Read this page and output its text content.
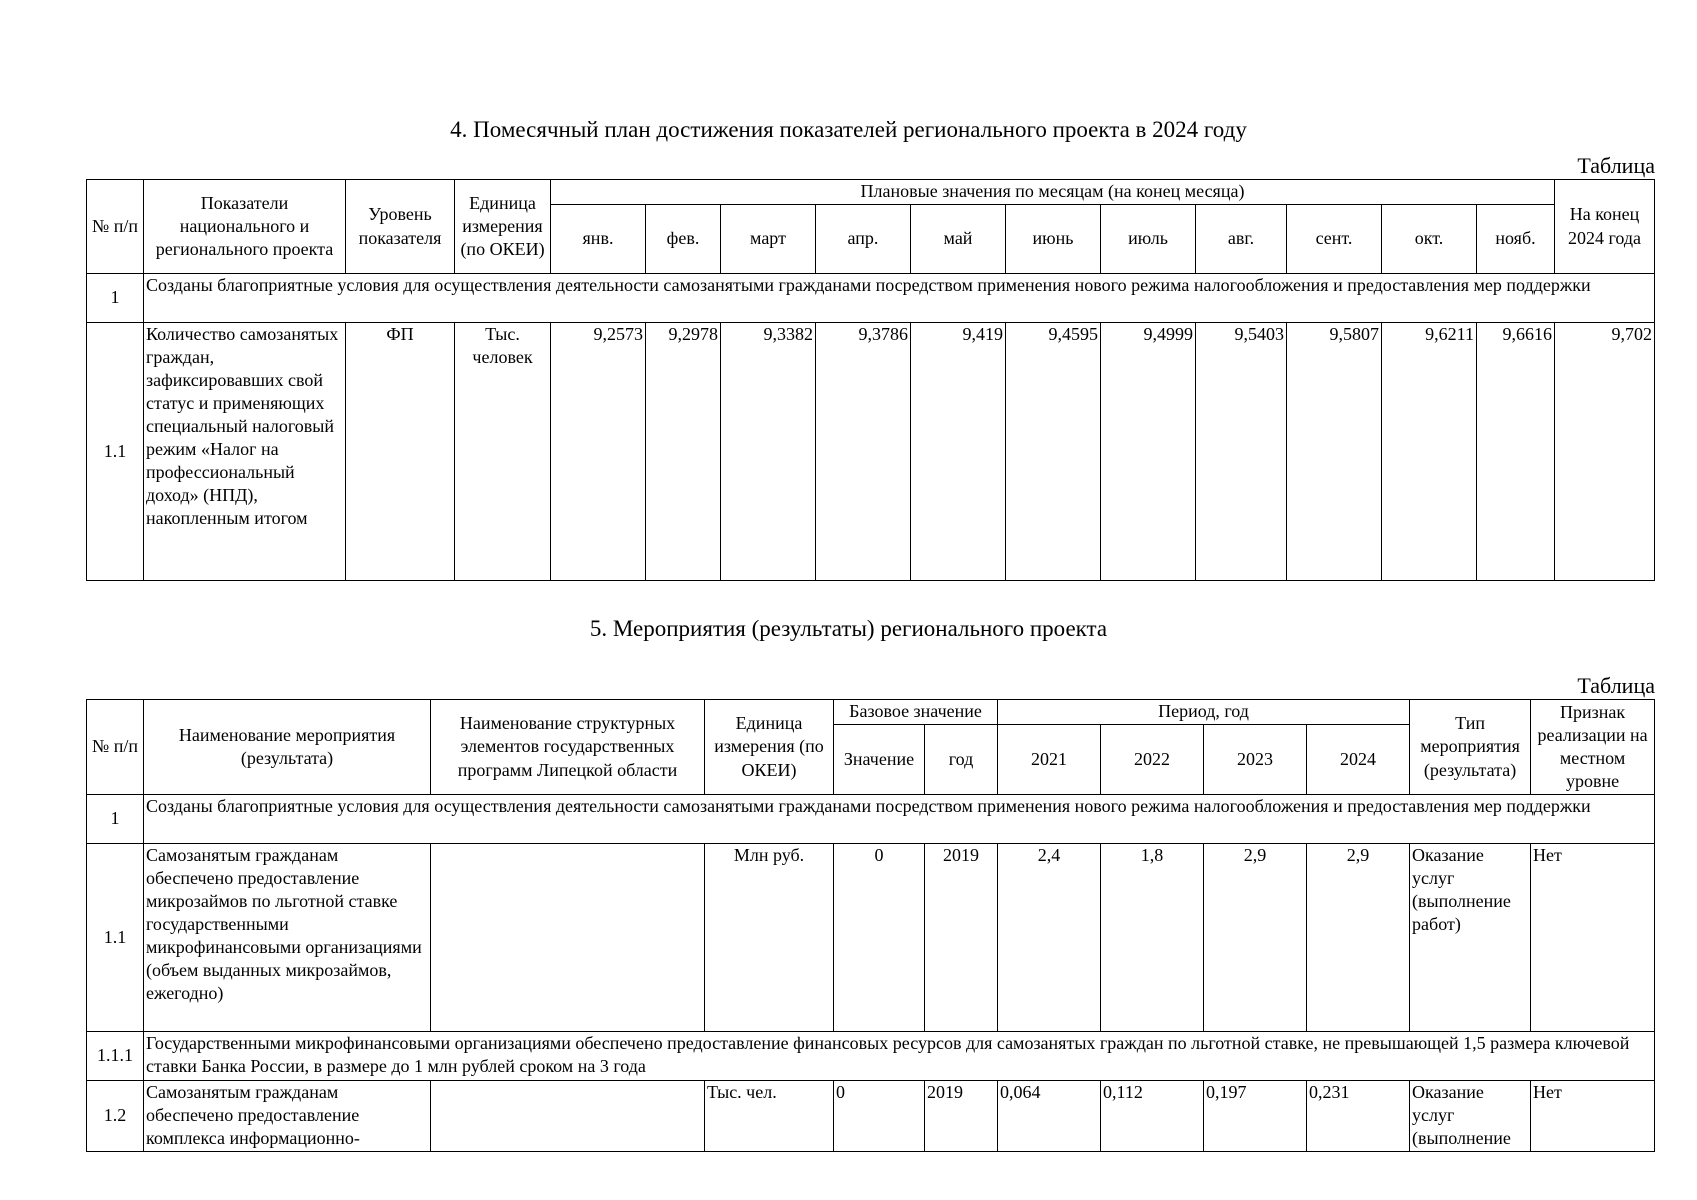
4. Помесячный план достижения показателей регионального проекта в 2024 году
Таблица
№ п/п	Показатели национального и регионального проекта	Уровень показателя	Единица измерения (по ОКЕИ)	Плановые значения по месяцам (на конец месяца)											На конец 2024 года
				янв.	фев.	март	апр.	май	июнь	июль	авг.	сент.	окт.	нояб.	
1	Созданы благоприятные условия для осуществления деятельности самозанятыми гражданами посредством применения нового режима налогообложения и предоставления мер поддержки														
1.1	Количество самозанятых граждан, зафиксировавших свой статус и применяющих специальный налоговый режим «Налог на профессиональный доход» (НПД), накопленным итогом	ФП	Тыс. человек	9,2573	9,2978	9,3382	9,3786	9,419	9,4595	9,4999	9,5403	9,5807	9,6211	9,6616	9,702
5. Мероприятия (результаты) регионального проекта
Таблица
№ п/п	Наименование мероприятия (результата)	Наименование структурных элементов государственных программ Липецкой области	Единица измерения (по ОКЕИ)	Базовое значение		Период, год				Тип мероприятия (результата)	Признак реализации на местном уровне
				Значение	год	2021	2022	2023	2024		
1	Созданы благоприятные условия для осуществления деятельности самозанятыми гражданами посредством применения нового режима налогообложения и предоставления мер поддержки										
1.1	Самозанятым гражданам обеспечено предоставление микрозаймов по льготной ставке государственными микрофинансовыми организациями (объем выданных микрозаймов, ежегодно)		Млн руб.	0	2019	2,4	1,8	2,9	2,9	Оказание услуг (выполнение работ)	Нет
1.1.1	Государственными микрофинансовыми организациями обеспечено предоставление финансовых ресурсов для самозанятых граждан по льготной ставке, не превышающей 1,5 размера ключевой ставки Банка России, в размере до 1 млн рублей сроком на 3 года										
1.2	Самозанятым гражданам обеспечено предоставление комплекса информационно-		Тыс. чел.	0	2019	0,064	0,112	0,197	0,231	Оказание услуг (выполнение	Нет
